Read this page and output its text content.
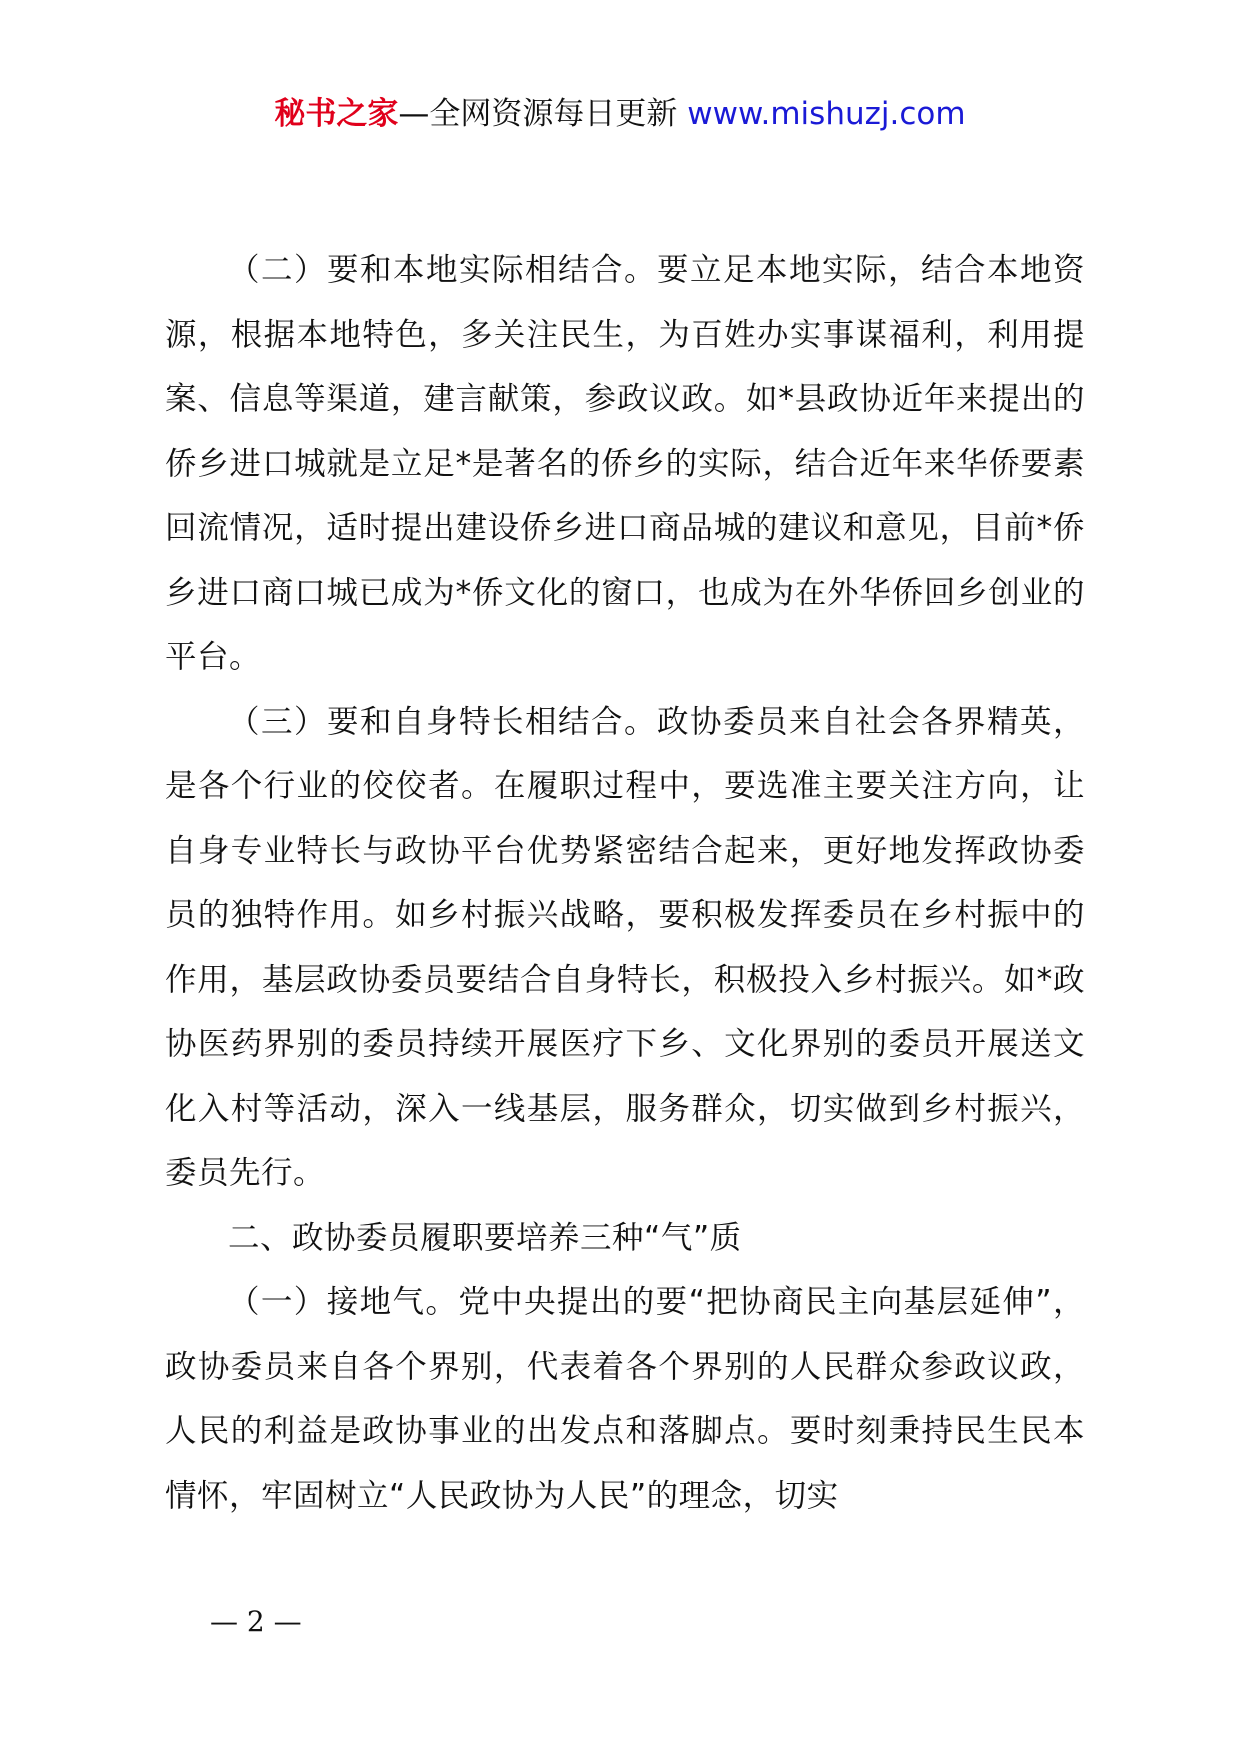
秘书之家—全网资源每日更新 www.mishuzj.com

（二）要和本地实际相结合。要立足本地实际，结合本地资源，根据本地特色，多关注民生，为百姓办实事谋福利，利用提案、信息等渠道，建言献策，参政议政。如*县政协近年来提出的侨乡进口城就是立足*是著名的侨乡的实际，结合近年来华侨要素回流情况，适时提出建设侨乡进口商品城的建议和意见，目前*侨乡进口商口城已成为*侨文化的窗口，也成为在外华侨回乡创业的平台。

（三）要和自身特长相结合。政协委员来自社会各界精英，是各个行业的佼佼者。在履职过程中，要选准主要关注方向，让自身专业特长与政协平台优势紧密结合起来，更好地发挥政协委员的独特作用。如乡村振兴战略，要积极发挥委员在乡村振中的作用，基层政协委员要结合自身特长，积极投入乡村振兴。如*政协医药界别的委员持续开展医疗下乡、文化界别的委员开展送文化入村等活动，深入一线基层，服务群众，切实做到乡村振兴，委员先行。

二、政协委员履职要培养三种“气”质

（一）接地气。党中央提出的要“把协商民主向基层延伸”，政协委员来自各个界别，代表着各个界别的人民群众参政议政，人民的利益是政协事业的出发点和落脚点。要时刻秉持民生民本情怀，牢固树立“人民政协为人民”的理念，切实

— 2 —
